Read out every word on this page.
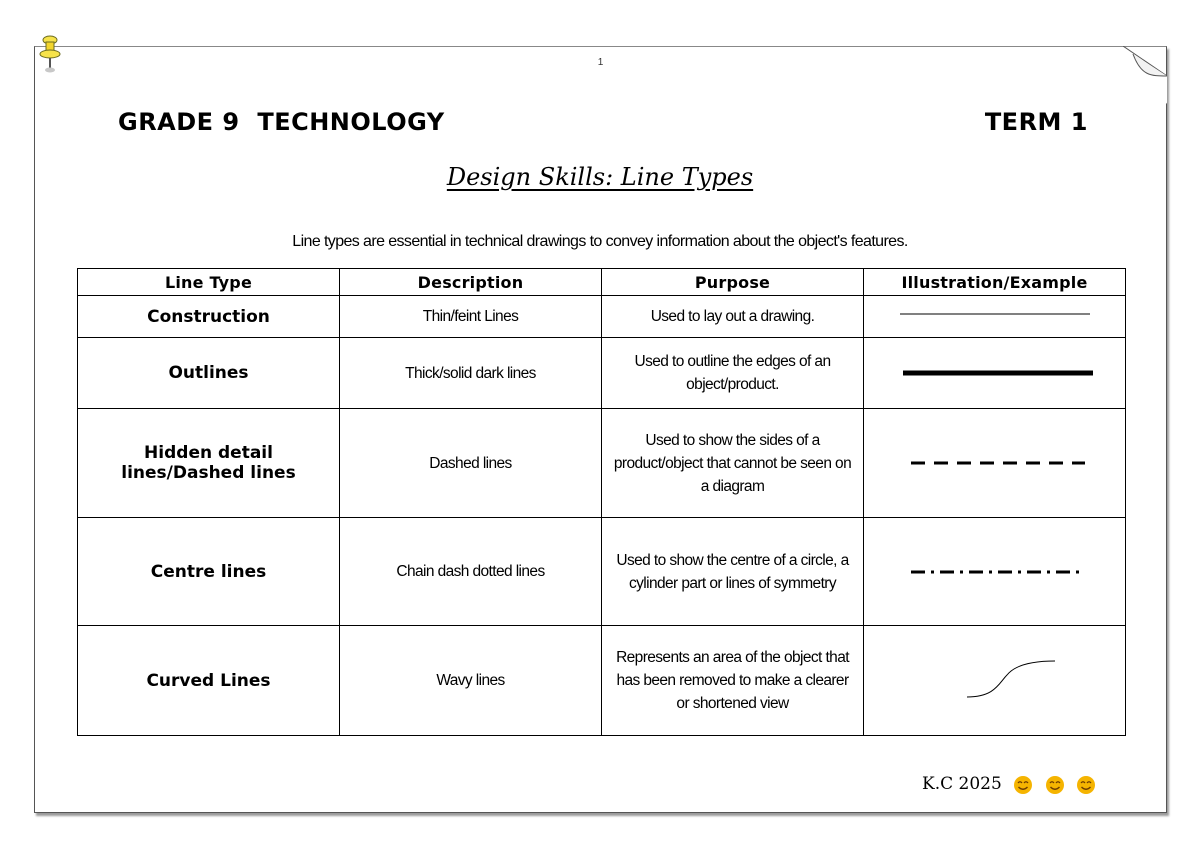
1
GRADE 9  TECHNOLOGY	TERM 1
Design Skills: Line Types
Line types are essential in technical drawings to convey information about the object's features.
Line Type	Description	Purpose	Illustration/Example
Construction	Thin/feint Lines	Used to lay out a drawing.	

Outlines	Thick/solid dark lines	Used to outline the edges of an object/product.	

Hidden detail lines/Dashed lines	Dashed lines	Used to show the sides of a product/object that cannot be seen on a diagram	

Centre lines	Chain dash dotted lines	Used to show the centre of a circle, a cylinder part or lines of symmetry	

Curved Lines	Wavy lines	Represents an area of the object that has been removed to make a clearer or shortened view	
K.C 2025
